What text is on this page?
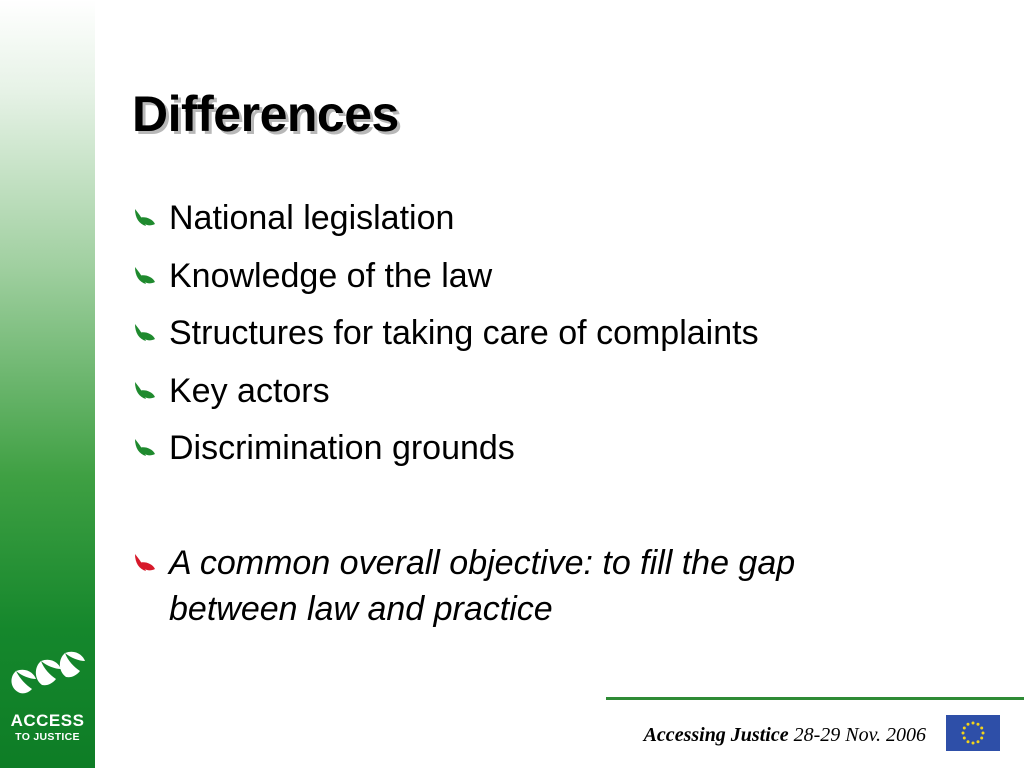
ACCESS
TO JUSTICE
Differences
National legislation
Knowledge of the law
Structures for taking care of complaints
Key actors
Discrimination grounds
A common overall objective: to fill the gap
between law and practice
Accessing Justice 28-29 Nov. 2006
